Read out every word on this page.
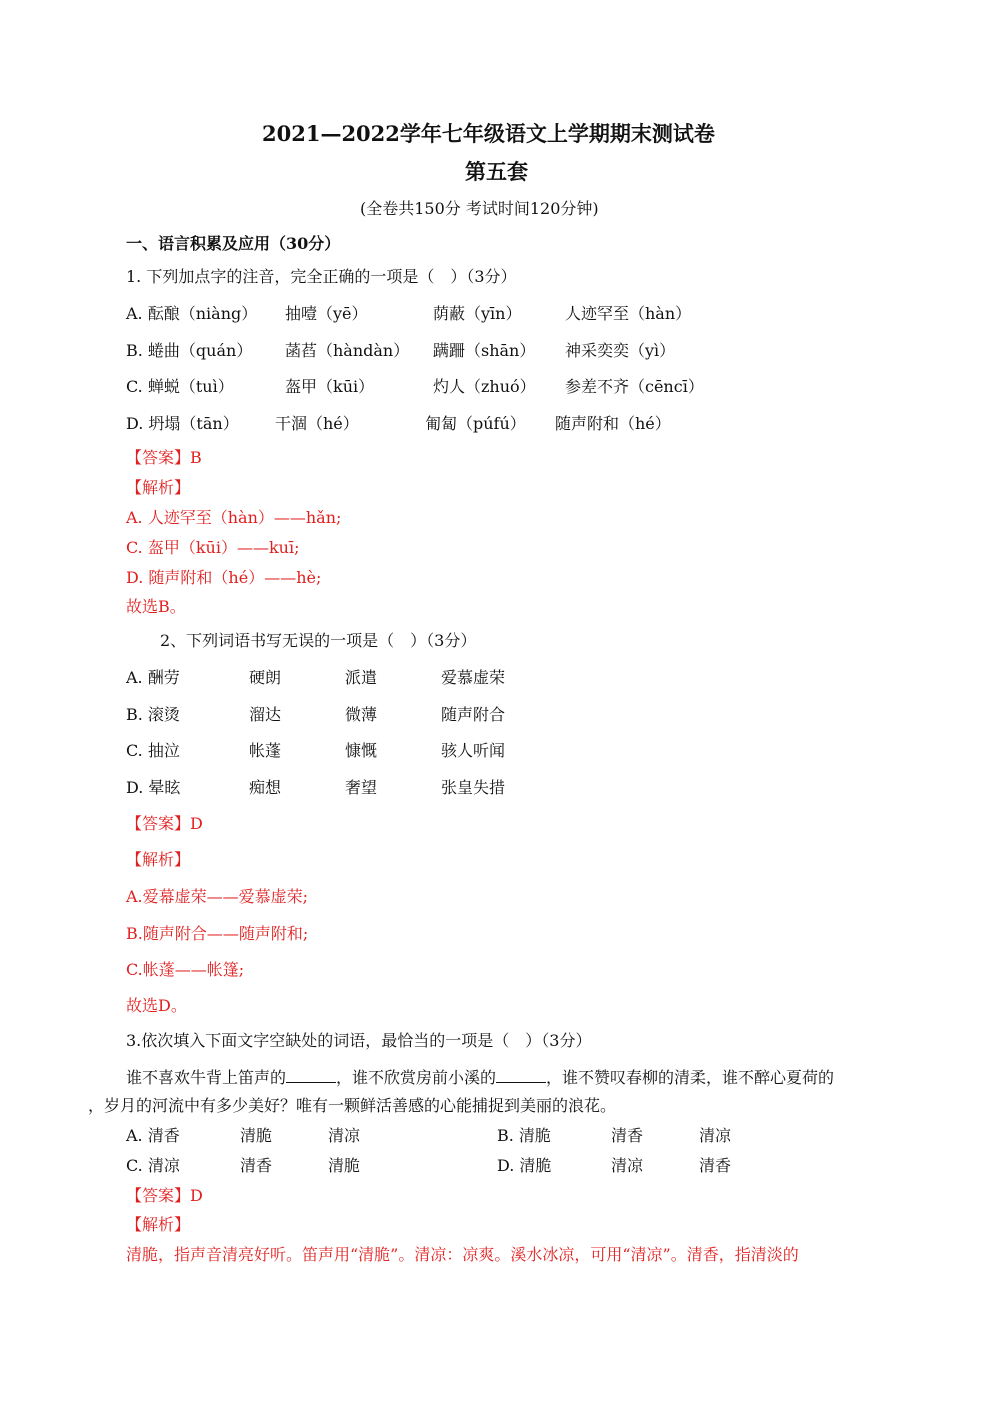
2021—2022学年七年级语文上学期期末测试卷
第五套
(全卷共150分 考试时间120分钟)
一、语言积累及应用（30分）
1. 下列加点字的注音，完全正确的一项是（　）（3分）
A. 酝酿（niàng） 抽噎（yē）	荫蔽（yīn）	人迹罕至（hàn）
B. 蜷曲（quán） 菡萏（hàndàn） 蹒跚（shān） 神采奕奕（yì）
C. 蝉蜕（tuì）	盔甲（kūi）	灼人（zhuó） 参差不齐（cēncī）
D. 坍塌（tān） 干涸（hé）	匍匐（púfú） 随声附和（hé）
【答案】B
【解析】
A. 人迹罕至（hàn）——hǎn;
C. 盔甲（kūi）——kuī;
D. 随声附和（hé）——hè;
故选B。
2、下列词语书写无误的一项是（　）（3分）
A. 酬劳	硬朗	派遣	爱慕虚荣
B. 滚烫	溜达	微薄	随声附合
C. 抽泣	帐蓬	慷慨	骇人听闻
D. 晕眩	痴想	奢望	张皇失措
【答案】D
【解析】
A.爱幕虚荣——爱慕虚荣;
B.随声附合——随声附和;
C.帐蓬——帐篷;
故选D。
3.依次填入下面文字空缺处的词语，最恰当的一项是（　）（3分）
谁不喜欢牛背上笛声的	，谁不欣赏房前小溪的	，谁不赞叹春柳的清柔，谁不醉心夏荷的
，岁月的河流中有多少美好？唯有一颗鲜活善感的心能捕捉到美丽的浪花。
A. 清香	清脆	清凉	B. 清脆	清香	清凉
C. 清凉	清香	清脆	D. 清脆	清凉	清香
【答案】D
【解析】
清脆，指声音清亮好听。笛声用“清脆”。清凉：凉爽。溪水冰凉，可用“清凉”。清香，指清淡的
